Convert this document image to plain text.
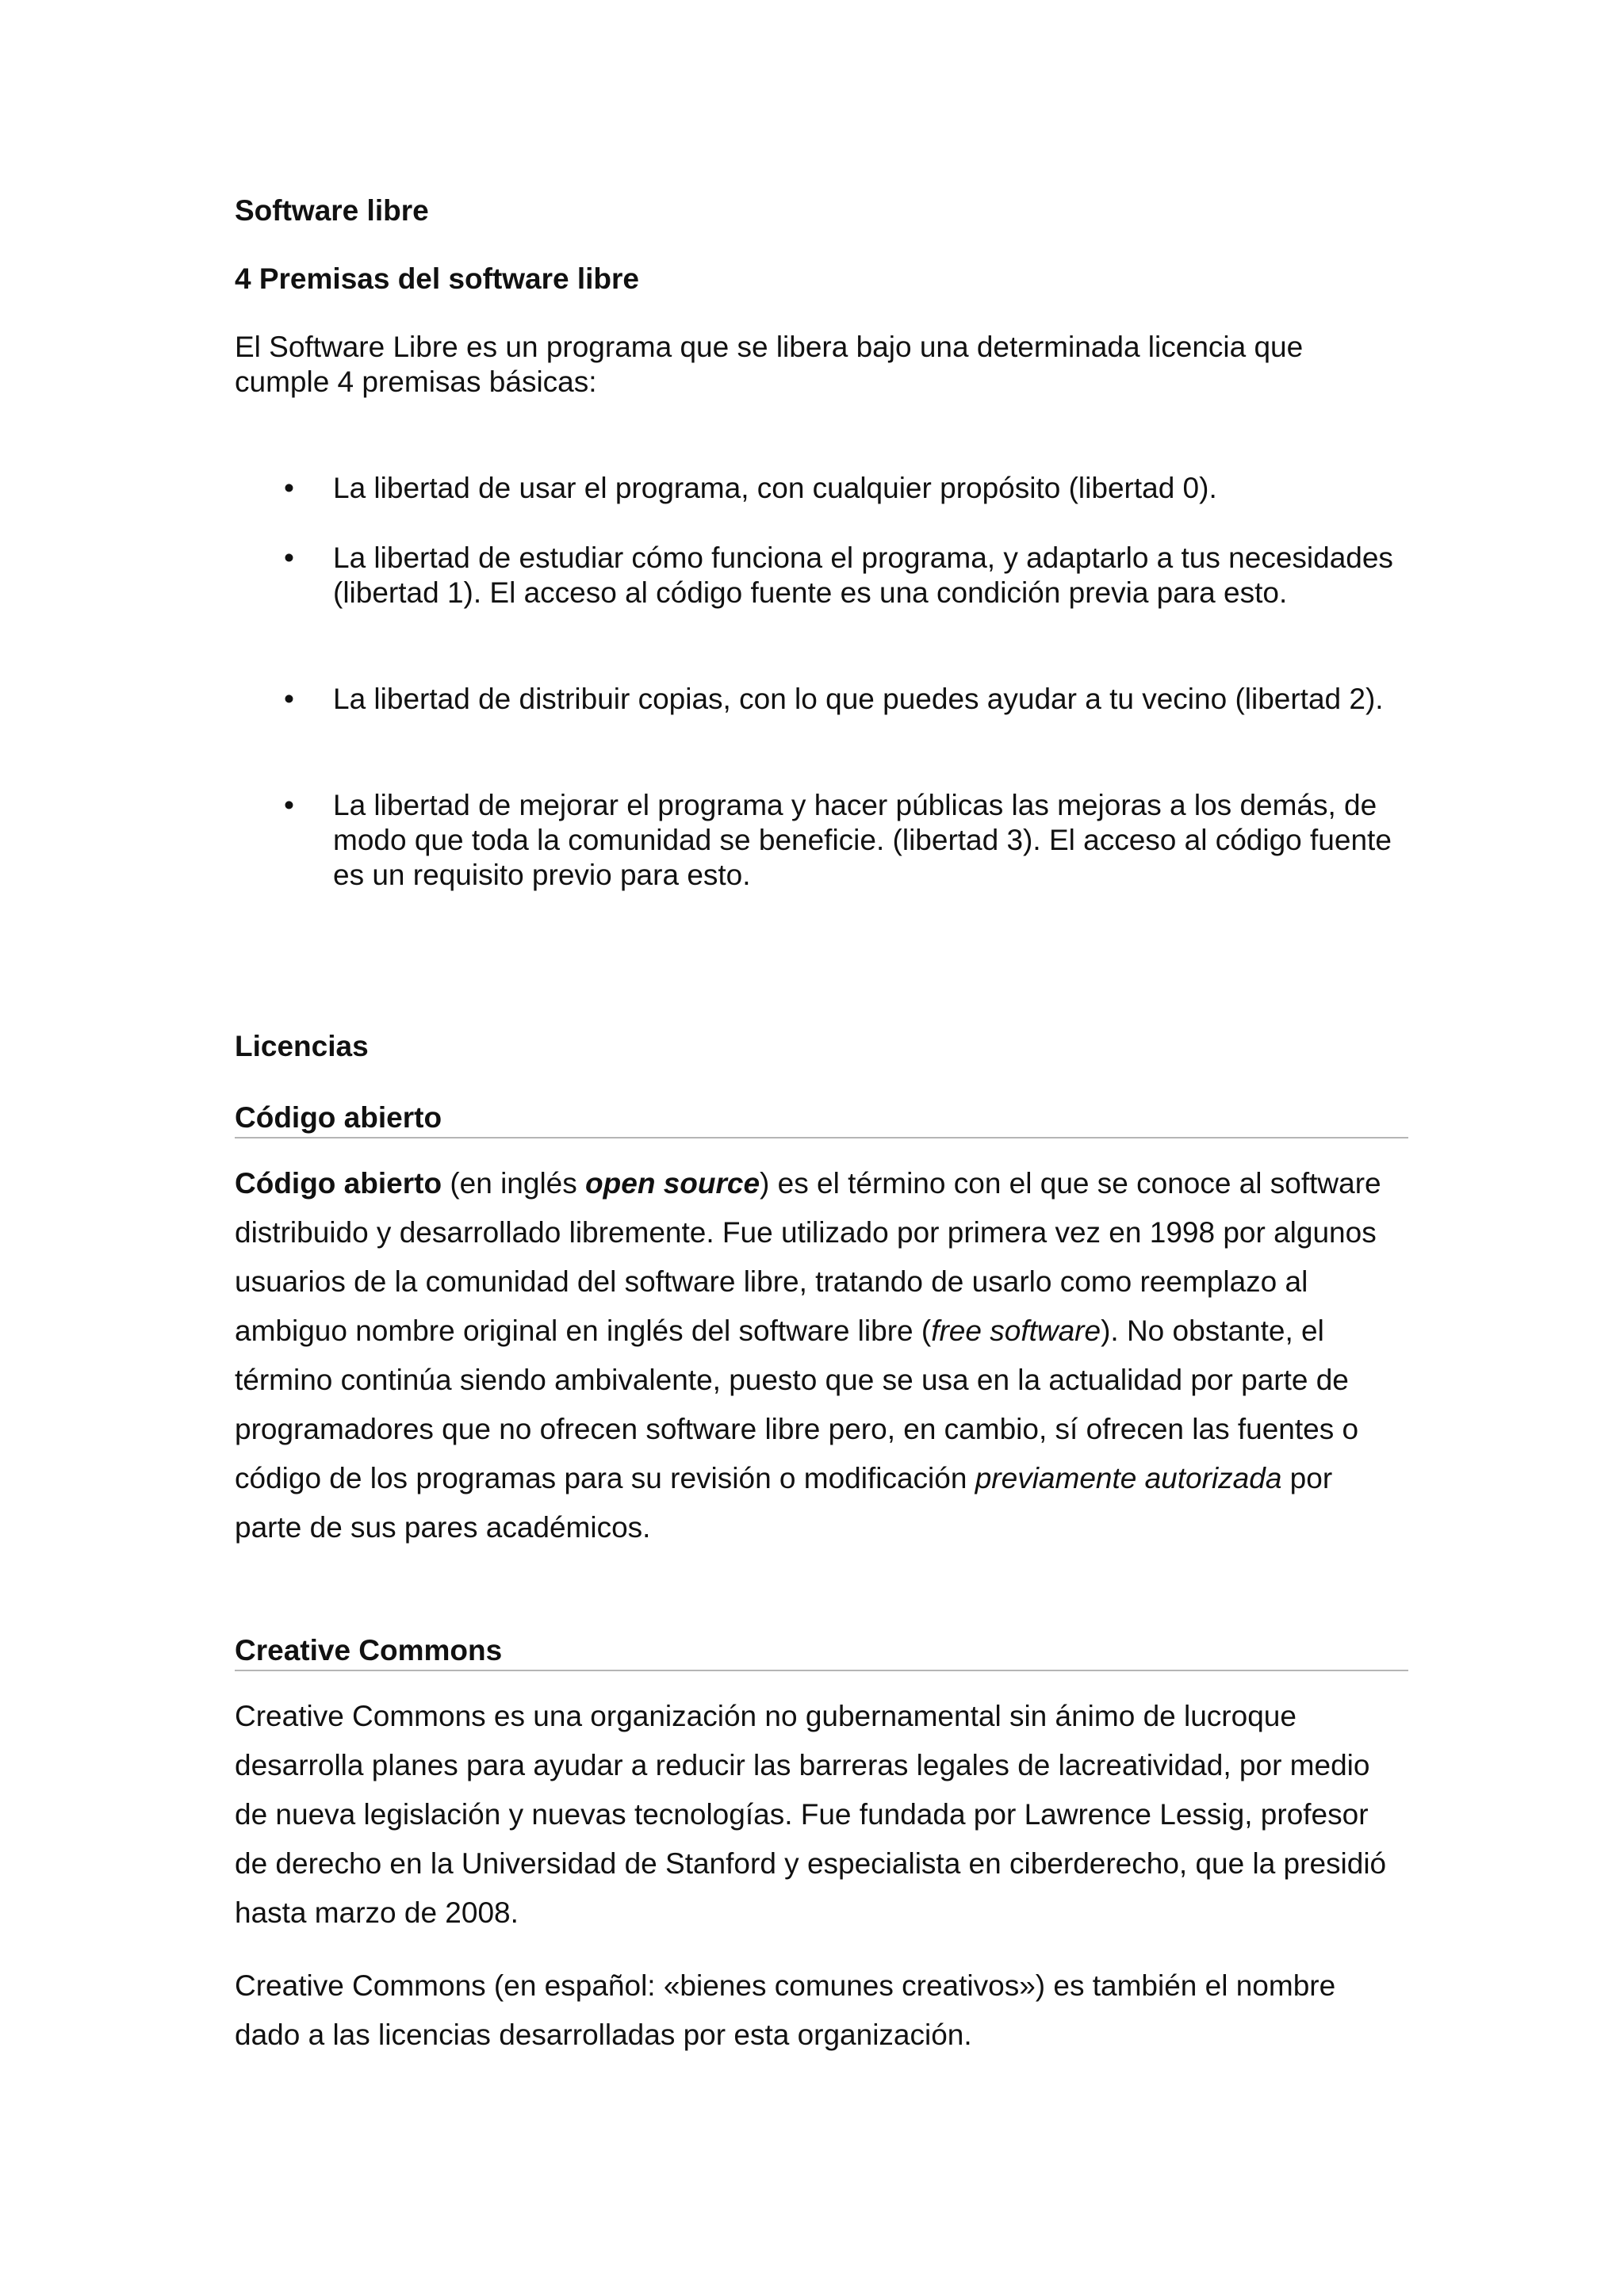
Software libre
4 Premisas del software libre
El Software Libre es un programa que se libera bajo una determinada licencia que cumple 4 premisas básicas:
• La libertad de usar el programa, con cualquier propósito (libertad 0).
• La libertad de estudiar cómo funciona el programa, y adaptarlo a tus necesidades (libertad 1). El acceso al código fuente es una condición previa para esto.
• La libertad de distribuir copias, con lo que puedes ayudar a tu vecino (libertad 2).
• La libertad de mejorar el programa y hacer públicas las mejoras a los demás, de modo que toda la comunidad se beneficie. (libertad 3). El acceso al código fuente es un requisito previo para esto.
Licencias
Código abierto
Código abierto (en inglés open source) es el término con el que se conoce al software distribuido y desarrollado libremente. Fue utilizado por primera vez en 1998 por algunos usuarios de la comunidad del software libre, tratando de usarlo como reemplazo al ambiguo nombre original en inglés del software libre (free software). No obstante, el término continúa siendo ambivalente, puesto que se usa en la actualidad por parte de programadores que no ofrecen software libre pero, en cambio, sí ofrecen las fuentes o código de los programas para su revisión o modificación previamente autorizada por parte de sus pares académicos.
Creative Commons
Creative Commons es una organización no gubernamental sin ánimo de lucroque desarrolla planes para ayudar a reducir las barreras legales de lacreatividad, por medio de nueva legislación y nuevas tecnologías. Fue fundada por Lawrence Lessig, profesor de derecho en la Universidad de Stanford y especialista en ciberderecho, que la presidió hasta marzo de 2008.
Creative Commons (en español: «bienes comunes creativos») es también el nombre dado a las licencias desarrolladas por esta organización.
